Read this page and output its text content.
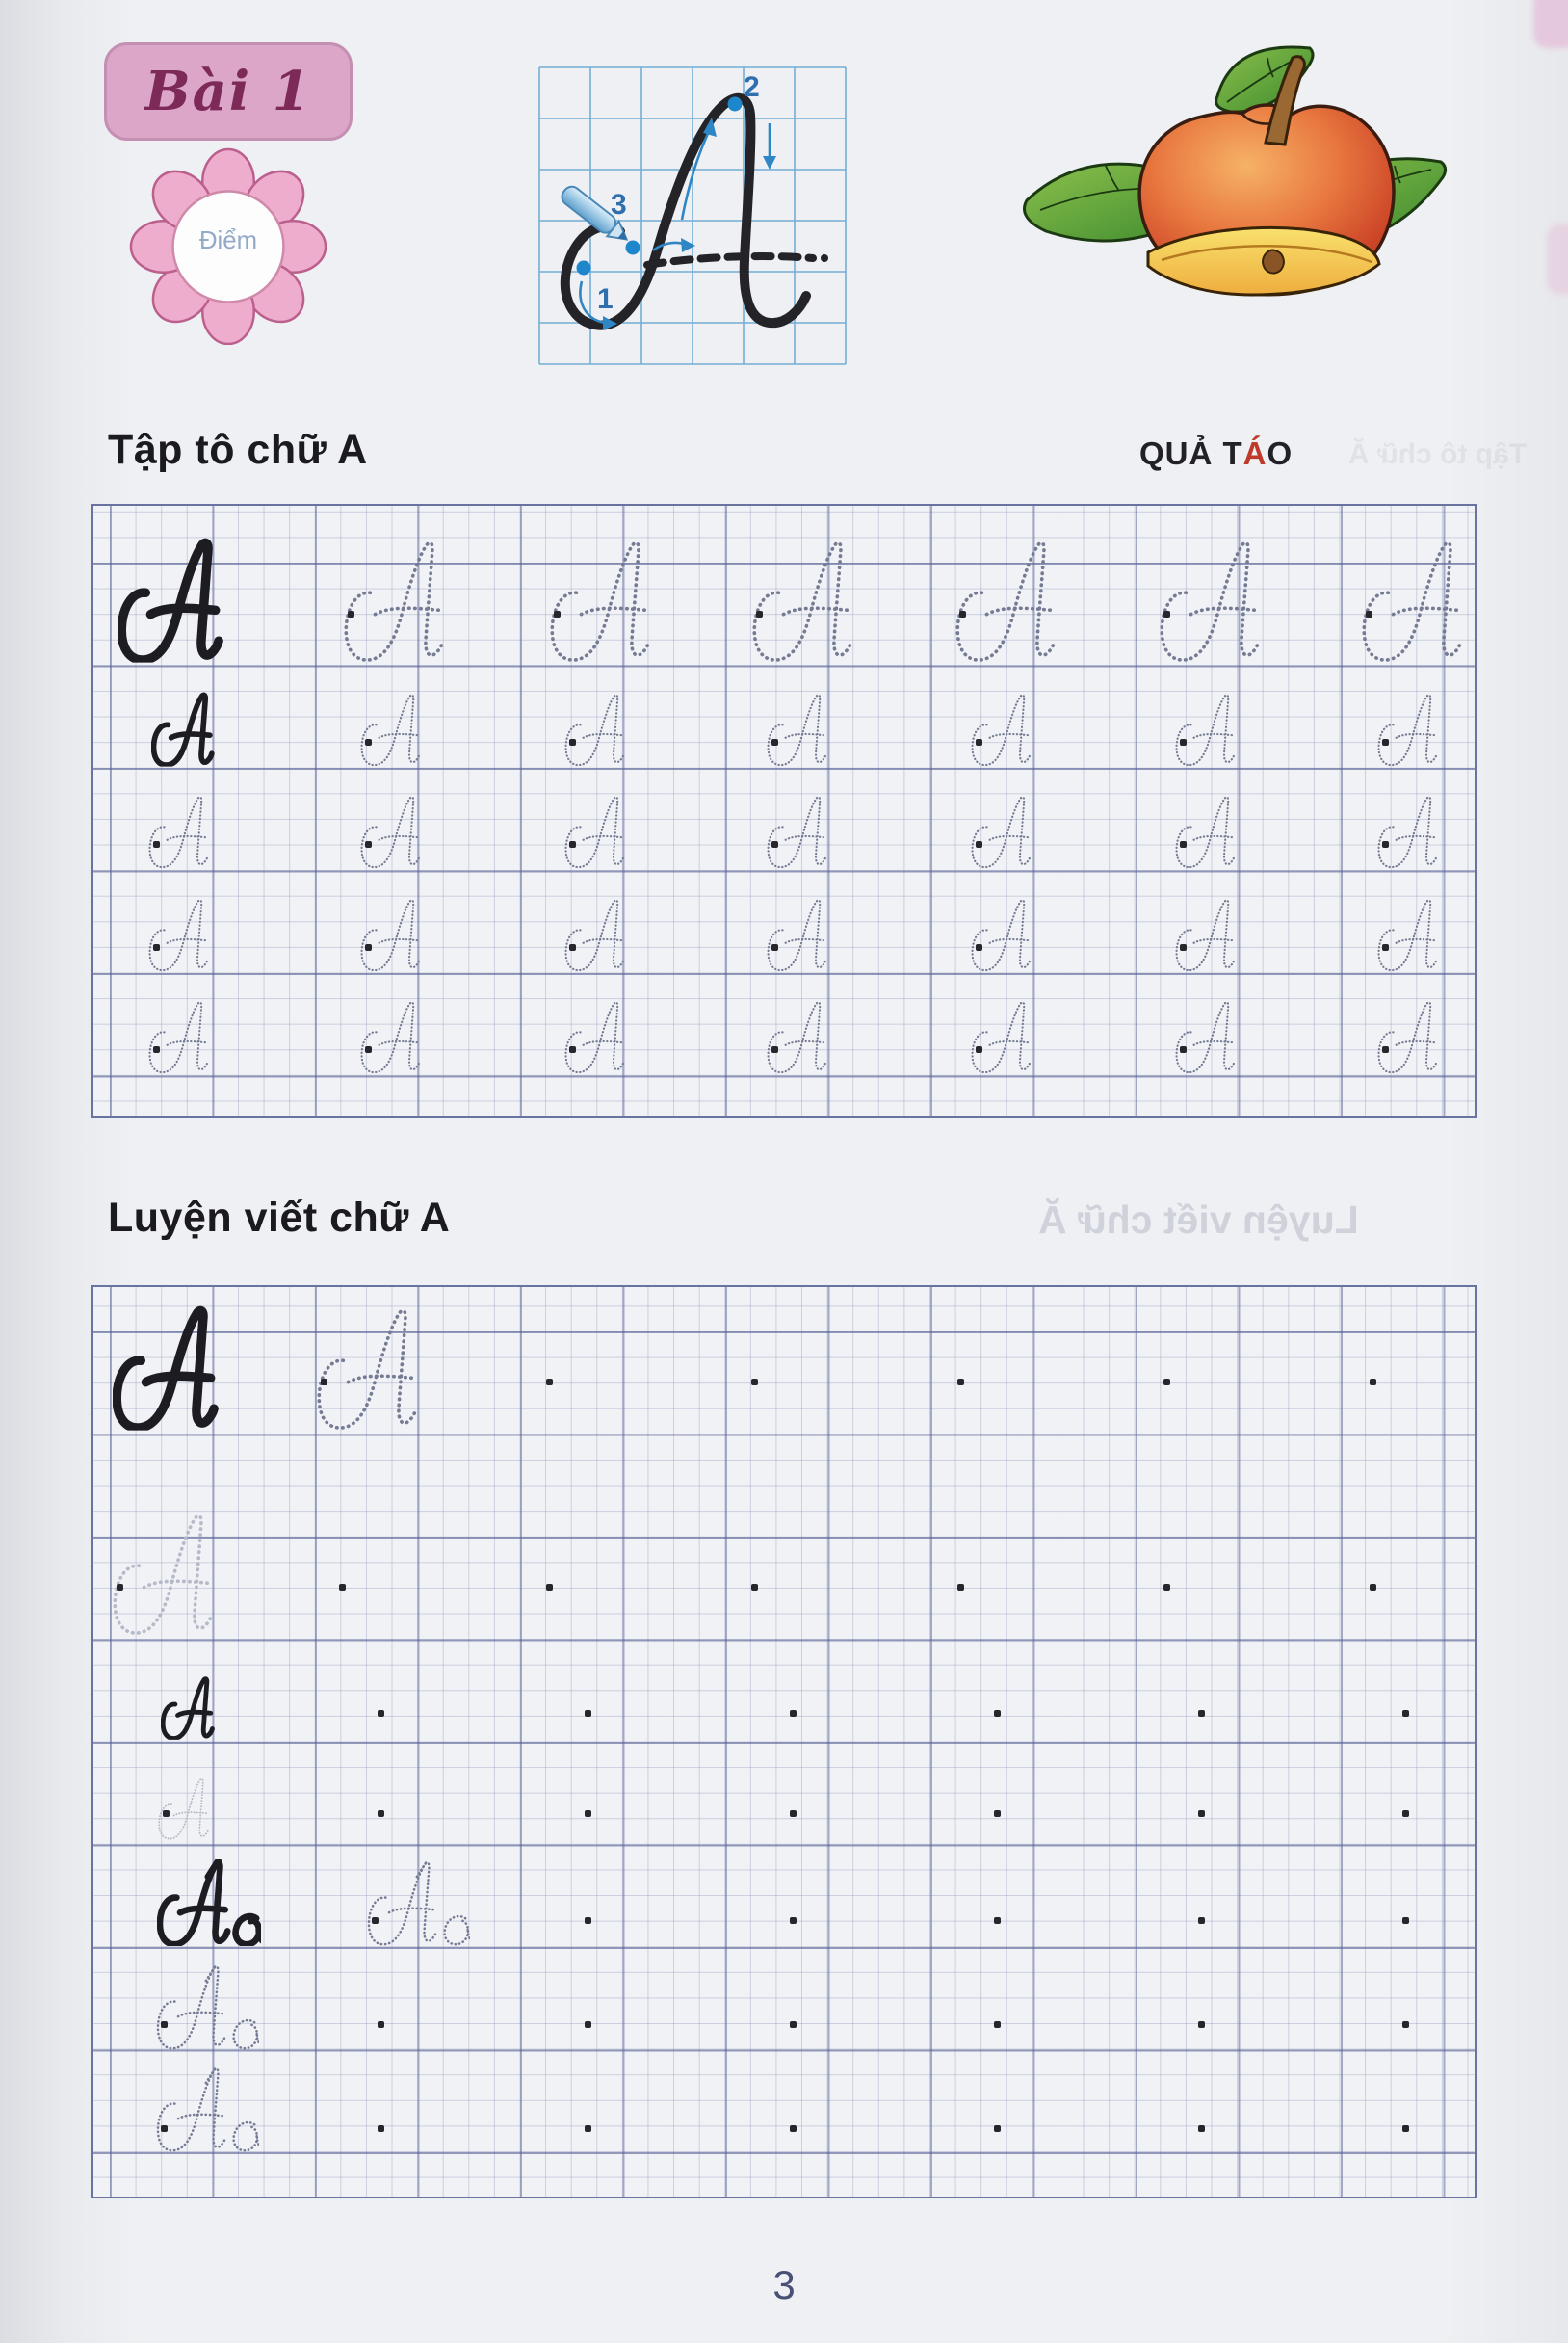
Bài 1
Điểm
1
2
3
Tập tô chữ A	QUẢ TÁO Tập tô chữ Ă
Luyện viết chữ A	Luyện viết chữ Ă
3
